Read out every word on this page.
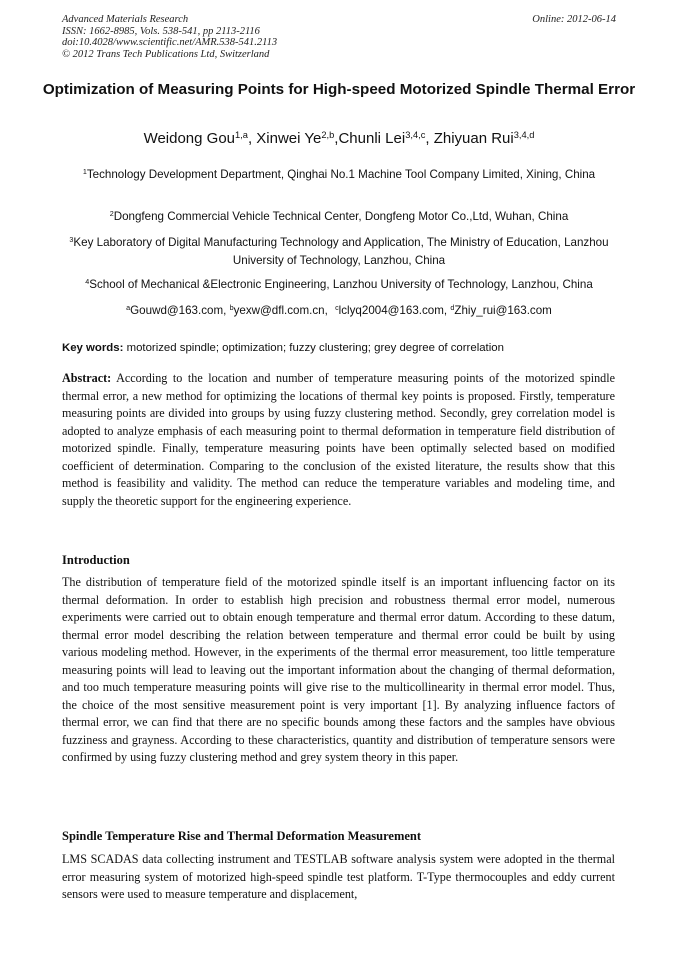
Advanced Materials Research
ISSN: 1662-8985, Vols. 538-541, pp 2113-2116
doi:10.4028/www.scientific.net/AMR.538-541.2113
© 2012 Trans Tech Publications Ltd, Switzerland
Online: 2012-06-14
Optimization of Measuring Points for High-speed Motorized Spindle Thermal Error
Weidong Gou$^{1,a}$, Xinwei Ye$^{2,b}$,Chunli Lei$^{3,4,c}$, Zhiyuan Rui$^{3,4,d}$
$^1$Technology Development Department, Qinghai No.1 Machine Tool Company Limited, Xining, China
$^2$Dongfeng Commercial Vehicle Technical Center, Dongfeng Motor Co.,Ltd, Wuhan, China
$^3$Key Laboratory of Digital Manufacturing Technology and Application, The Ministry of Education, Lanzhou University of Technology, Lanzhou, China
$^4$School of Mechanical &Electronic Engineering, Lanzhou University of Technology, Lanzhou, China
$^a$Gouwd@163.com, $^b$yexw@dfl.com.cn, $^c$lclyq2004@163.com, $^d$Zhiy_rui@163.com
Key words: motorized spindle; optimization; fuzzy clustering; grey degree of correlation
Abstract: According to the location and number of temperature measuring points of the motorized spindle thermal error, a new method for optimizing the locations of thermal key points is proposed. Firstly, temperature measuring points are divided into groups by using fuzzy clustering method. Secondly, grey correlation model is adopted to analyze emphasis of each measuring point to thermal deformation in temperature field distribution of motorized spindle. Finally, temperature measuring points have been optimally selected based on modified coefficient of determination. Comparing to the conclusion of the existed literature, the results show that this method is feasibility and validity. The method can reduce the temperature variables and modeling time, and supply the theoretic support for the engineering experience.
Introduction
The distribution of temperature field of the motorized spindle itself is an important influencing factor on its thermal deformation. In order to establish high precision and robustness thermal error model, numerous experiments were carried out to obtain enough temperature and thermal error datum. According to these datum, thermal error model describing the relation between temperature and thermal error could be built by using various modeling method. However, in the experiments of the thermal error measurement, too little temperature measuring points will lead to leaving out the important information about the changing of thermal deformation, and too much temperature measuring points will give rise to the multicollinearity in thermal error model. Thus, the choice of the most sensitive measurement point is very important [1]. By analyzing influence factors of thermal error, we can find that there are no specific bounds among these factors and the samples have obvious fuzziness and grayness. According to these characteristics, quantity and distribution of temperature sensors were confirmed by using fuzzy clustering method and grey system theory in this paper.
Spindle Temperature Rise and Thermal Deformation Measurement
LMS SCADAS data collecting instrument and TESTLAB software analysis system were adopted in the thermal error measuring system of motorized high-speed spindle test platform. T-Type thermocouples and eddy current sensors were used to measure temperature and displacement,
